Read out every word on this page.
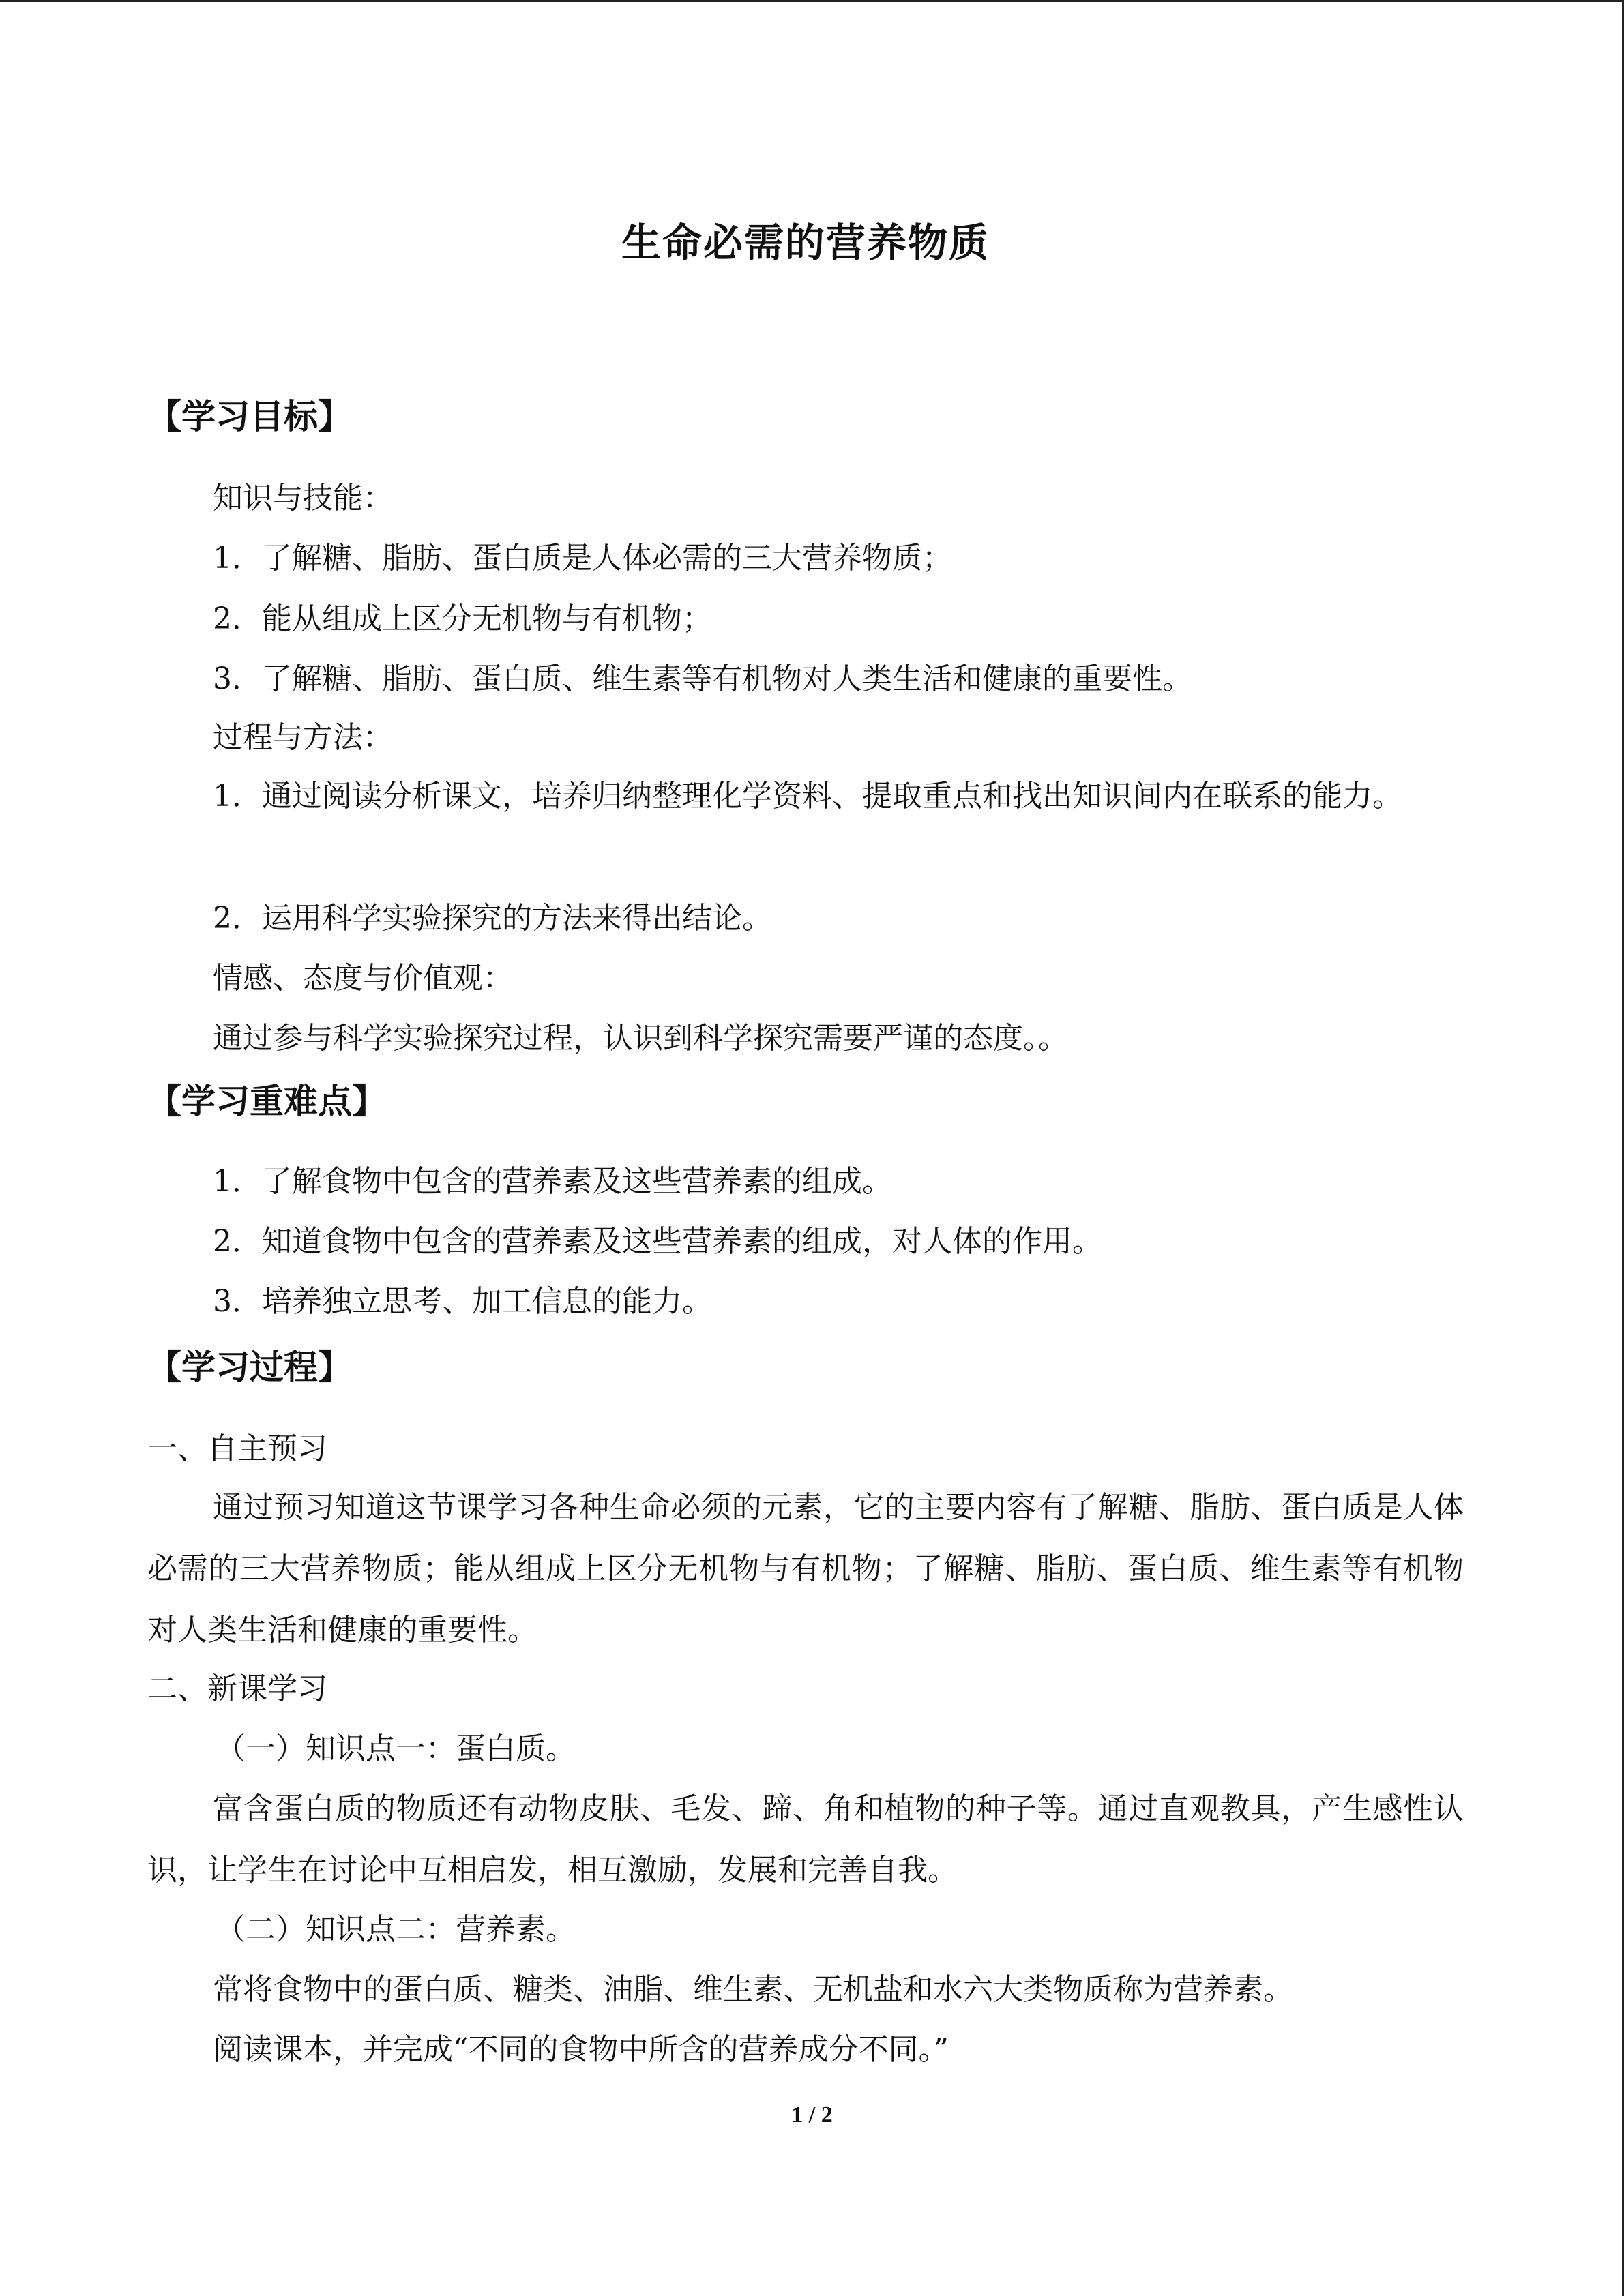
生命必需的营养物质
【学习目标】
知识与技能：
1．了解糖、脂肪、蛋白质是人体必需的三大营养物质；
2．能从组成上区分无机物与有机物；
3．了解糖、脂肪、蛋白质、维生素等有机物对人类生活和健康的重要性。
过程与方法：
1．通过阅读分析课文，培养归纳整理化学资料、提取重点和找出知识间内在联系的能力。
2．运用科学实验探究的方法来得出结论。
情感、态度与价值观：
通过参与科学实验探究过程，认识到科学探究需要严谨的态度。。
【学习重难点】
1．了解食物中包含的营养素及这些营养素的组成。
2．知道食物中包含的营养素及这些营养素的组成，对人体的作用。
3．培养独立思考、加工信息的能力。
【学习过程】
一、自主预习
通过预习知道这节课学习各种生命必须的元素，它的主要内容有了解糖、脂肪、蛋白质是人体必需的三大营养物质；能从组成上区分无机物与有机物；了解糖、脂肪、蛋白质、维生素等有机物对人类生活和健康的重要性。
二、新课学习
（一）知识点一：蛋白质。
富含蛋白质的物质还有动物皮肤、毛发、蹄、角和植物的种子等。通过直观教具，产生感性认识，让学生在讨论中互相启发，相互激励，发展和完善自我。
（二）知识点二：营养素。
常将食物中的蛋白质、糖类、油脂、维生素、无机盐和水六大类物质称为营养素。
阅读课本，并完成“不同的食物中所含的营养成分不同。”
1 / 2
